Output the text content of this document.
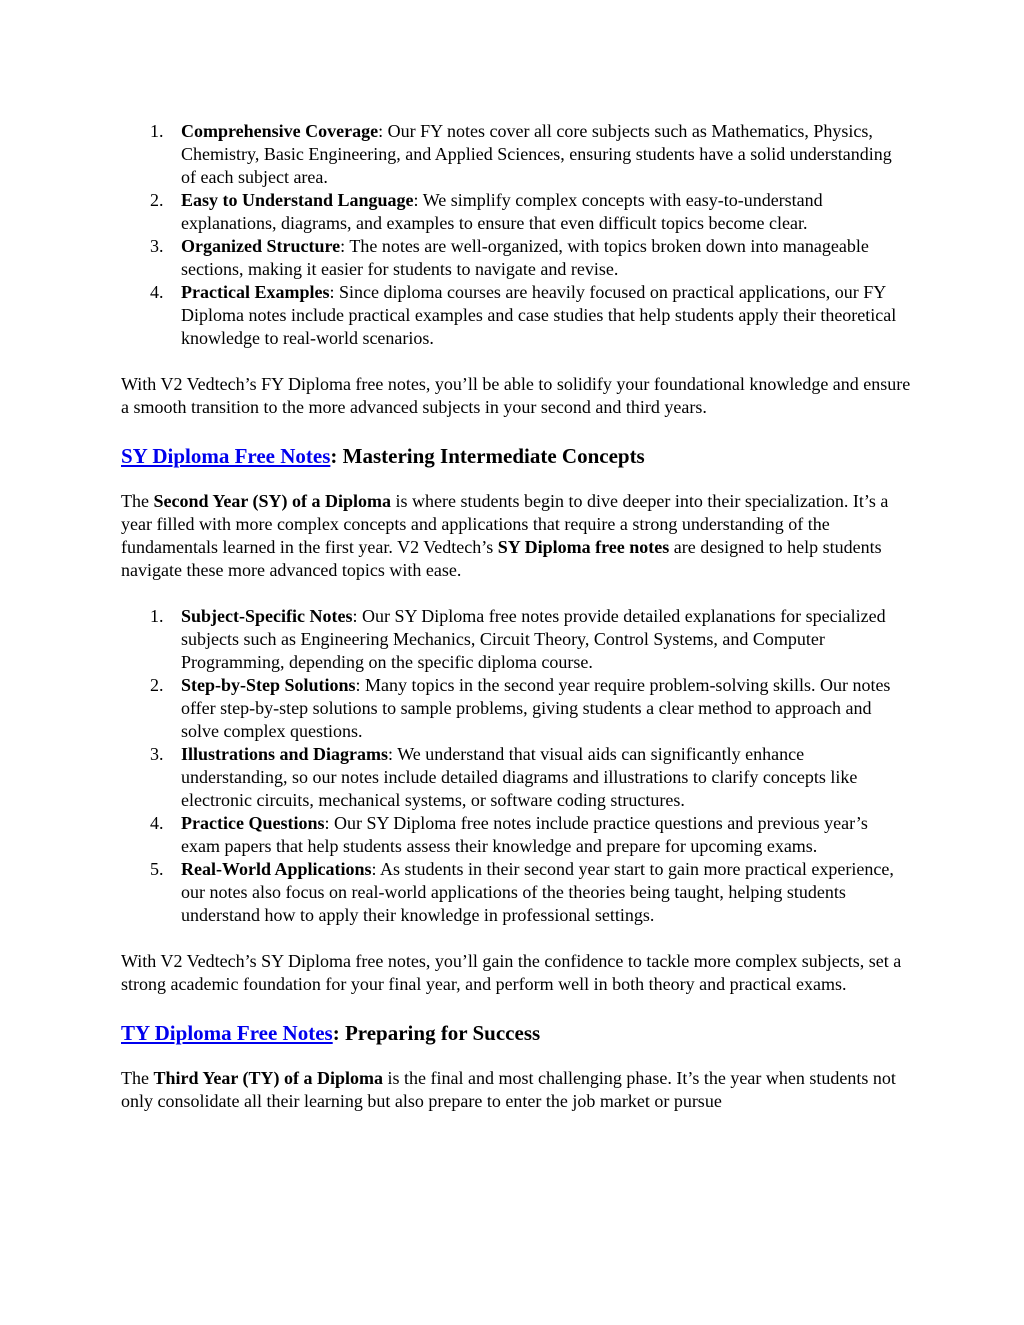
1. Comprehensive Coverage: Our FY notes cover all core subjects such as Mathematics, Physics, Chemistry, Basic Engineering, and Applied Sciences, ensuring students have a solid understanding of each subject area.
2. Easy to Understand Language: We simplify complex concepts with easy-to-understand explanations, diagrams, and examples to ensure that even difficult topics become clear.
3. Organized Structure: The notes are well-organized, with topics broken down into manageable sections, making it easier for students to navigate and revise.
4. Practical Examples: Since diploma courses are heavily focused on practical applications, our FY Diploma notes include practical examples and case studies that help students apply their theoretical knowledge to real-world scenarios.

With V2 Vedtech’s FY Diploma free notes, you’ll be able to solidify your foundational knowledge and ensure a smooth transition to the more advanced subjects in your second and third years.

SY Diploma Free Notes: Mastering Intermediate Concepts

The Second Year (SY) of a Diploma is where students begin to dive deeper into their specialization. It’s a year filled with more complex concepts and applications that require a strong understanding of the fundamentals learned in the first year. V2 Vedtech’s SY Diploma free notes are designed to help students navigate these more advanced topics with ease.

1. Subject-Specific Notes: Our SY Diploma free notes provide detailed explanations for specialized subjects such as Engineering Mechanics, Circuit Theory, Control Systems, and Computer Programming, depending on the specific diploma course.
2. Step-by-Step Solutions: Many topics in the second year require problem-solving skills. Our notes offer step-by-step solutions to sample problems, giving students a clear method to approach and solve complex questions.
3. Illustrations and Diagrams: We understand that visual aids can significantly enhance understanding, so our notes include detailed diagrams and illustrations to clarify concepts like electronic circuits, mechanical systems, or software coding structures.
4. Practice Questions: Our SY Diploma free notes include practice questions and previous year’s exam papers that help students assess their knowledge and prepare for upcoming exams.
5. Real-World Applications: As students in their second year start to gain more practical experience, our notes also focus on real-world applications of the theories being taught, helping students understand how to apply their knowledge in professional settings.

With V2 Vedtech’s SY Diploma free notes, you’ll gain the confidence to tackle more complex subjects, set a strong academic foundation for your final year, and perform well in both theory and practical exams.

TY Diploma Free Notes: Preparing for Success

The Third Year (TY) of a Diploma is the final and most challenging phase. It’s the year when students not only consolidate all their learning but also prepare to enter the job market or pursue
